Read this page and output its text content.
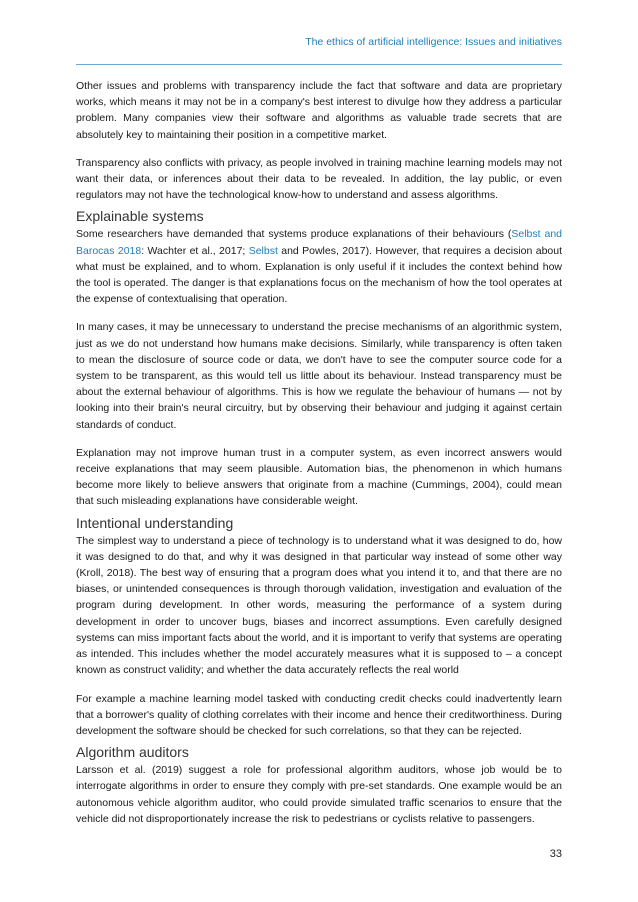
The ethics of artificial intelligence: Issues and initiatives

Other issues and problems with transparency include the fact that software and data are proprietary works, which means it may not be in a company's best interest to divulge how they address a particular problem. Many companies view their software and algorithms as valuable trade secrets that are absolutely key to maintaining their position in a competitive market.

Transparency also conflicts with privacy, as people involved in training machine learning models may not want their data, or inferences about their data to be revealed. In addition, the lay public, or even regulators may not have the technological know-how to understand and assess algorithms.

Explainable systems

Some researchers have demanded that systems produce explanations of their behaviours (Selbst and Barocas 2018: Wachter et al., 2017; Selbst and Powles, 2017). However, that requires a decision about what must be explained, and to whom. Explanation is only useful if it includes the context behind how the tool is operated. The danger is that explanations focus on the mechanism of how the tool operates at the expense of contextualising that operation.

In many cases, it may be unnecessary to understand the precise mechanisms of an algorithmic system, just as we do not understand how humans make decisions. Similarly, while transparency is often taken to mean the disclosure of source code or data, we don't have to see the computer source code for a system to be transparent, as this would tell us little about its behaviour. Instead transparency must be about the external behaviour of algorithms. This is how we regulate the behaviour of humans — not by looking into their brain's neural circuitry, but by observing their behaviour and judging it against certain standards of conduct.

Explanation may not improve human trust in a computer system, as even incorrect answers would receive explanations that may seem plausible. Automation bias, the phenomenon in which humans become more likely to believe answers that originate from a machine (Cummings, 2004), could mean that such misleading explanations have considerable weight.

Intentional understanding

The simplest way to understand a piece of technology is to understand what it was designed to do, how it was designed to do that, and why it was designed in that particular way instead of some other way (Kroll, 2018). The best way of ensuring that a program does what you intend it to, and that there are no biases, or unintended consequences is through thorough validation, investigation and evaluation of the program during development. In other words, measuring the performance of a system during development in order to uncover bugs, biases and incorrect assumptions. Even carefully designed systems can miss important facts about the world, and it is important to verify that systems are operating as intended. This includes whether the model accurately measures what it is supposed to – a concept known as construct validity; and whether the data accurately reflects the real world

For example a machine learning model tasked with conducting credit checks could inadvertently learn that a borrower's quality of clothing correlates with their income and hence their creditworthiness. During development the software should be checked for such correlations, so that they can be rejected.

Algorithm auditors

Larsson et al. (2019) suggest a role for professional algorithm auditors, whose job would be to interrogate algorithms in order to ensure they comply with pre-set standards. One example would be an autonomous vehicle algorithm auditor, who could provide simulated traffic scenarios to ensure that the vehicle did not disproportionately increase the risk to pedestrians or cyclists relative to passengers.

33
